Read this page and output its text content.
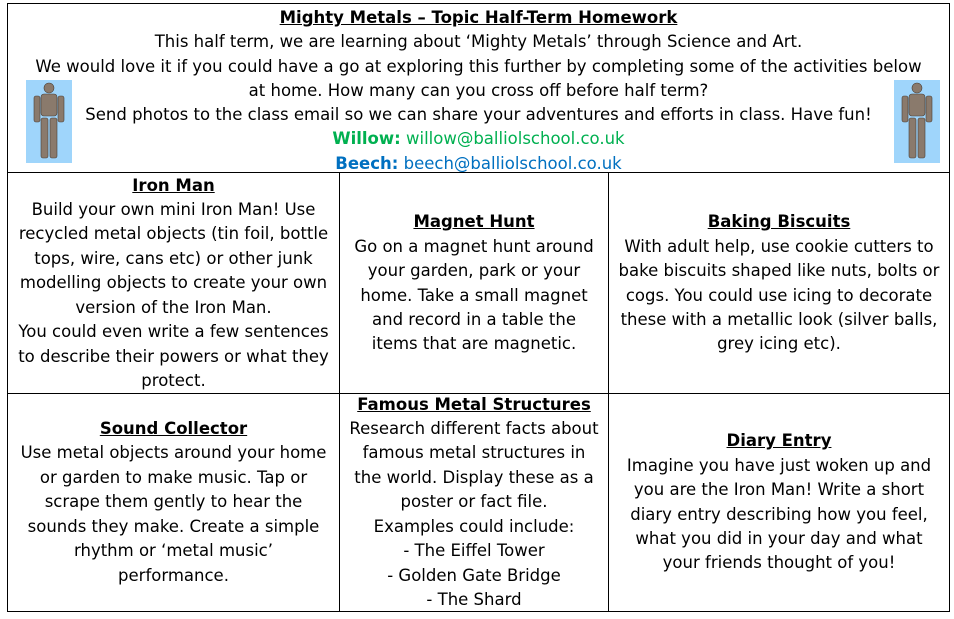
Mighty Metals – Topic Half-Term Homework
This half term, we are learning about ‘Mighty Metals’ through Science and Art.
We would love it if you could have a go at exploring this further by completing some of the activities below at home. How many can you cross off before half term?
Send photos to the class email so we can share your adventures and efforts in class. Have fun!
Willow: willow@balliolschool.co.uk
Beech: beech@balliolschool.co.uk
Iron Man
Build your own mini Iron Man! Use recycled metal objects (tin foil, bottle tops, wire, cans etc) or other junk modelling objects to create your own version of the Iron Man.
You could even write a few sentences to describe their powers or what they protect.
Magnet Hunt
Go on a magnet hunt around your garden, park or your home. Take a small magnet and record in a table the items that are magnetic.
Baking Biscuits
With adult help, use cookie cutters to bake biscuits shaped like nuts, bolts or cogs. You could use icing to decorate these with a metallic look (silver balls, grey icing etc).
Sound Collector
Use metal objects around your home or garden to make music. Tap or scrape them gently to hear the sounds they make. Create a simple rhythm or ‘metal music’ performance.
Famous Metal Structures
Research different facts about famous metal structures in the world. Display these as a poster or fact file.
Examples could include:
- The Eiffel Tower
- Golden Gate Bridge
- The Shard
Diary Entry
Imagine you have just woken up and you are the Iron Man! Write a short diary entry describing how you feel, what you did in your day and what your friends thought of you!
